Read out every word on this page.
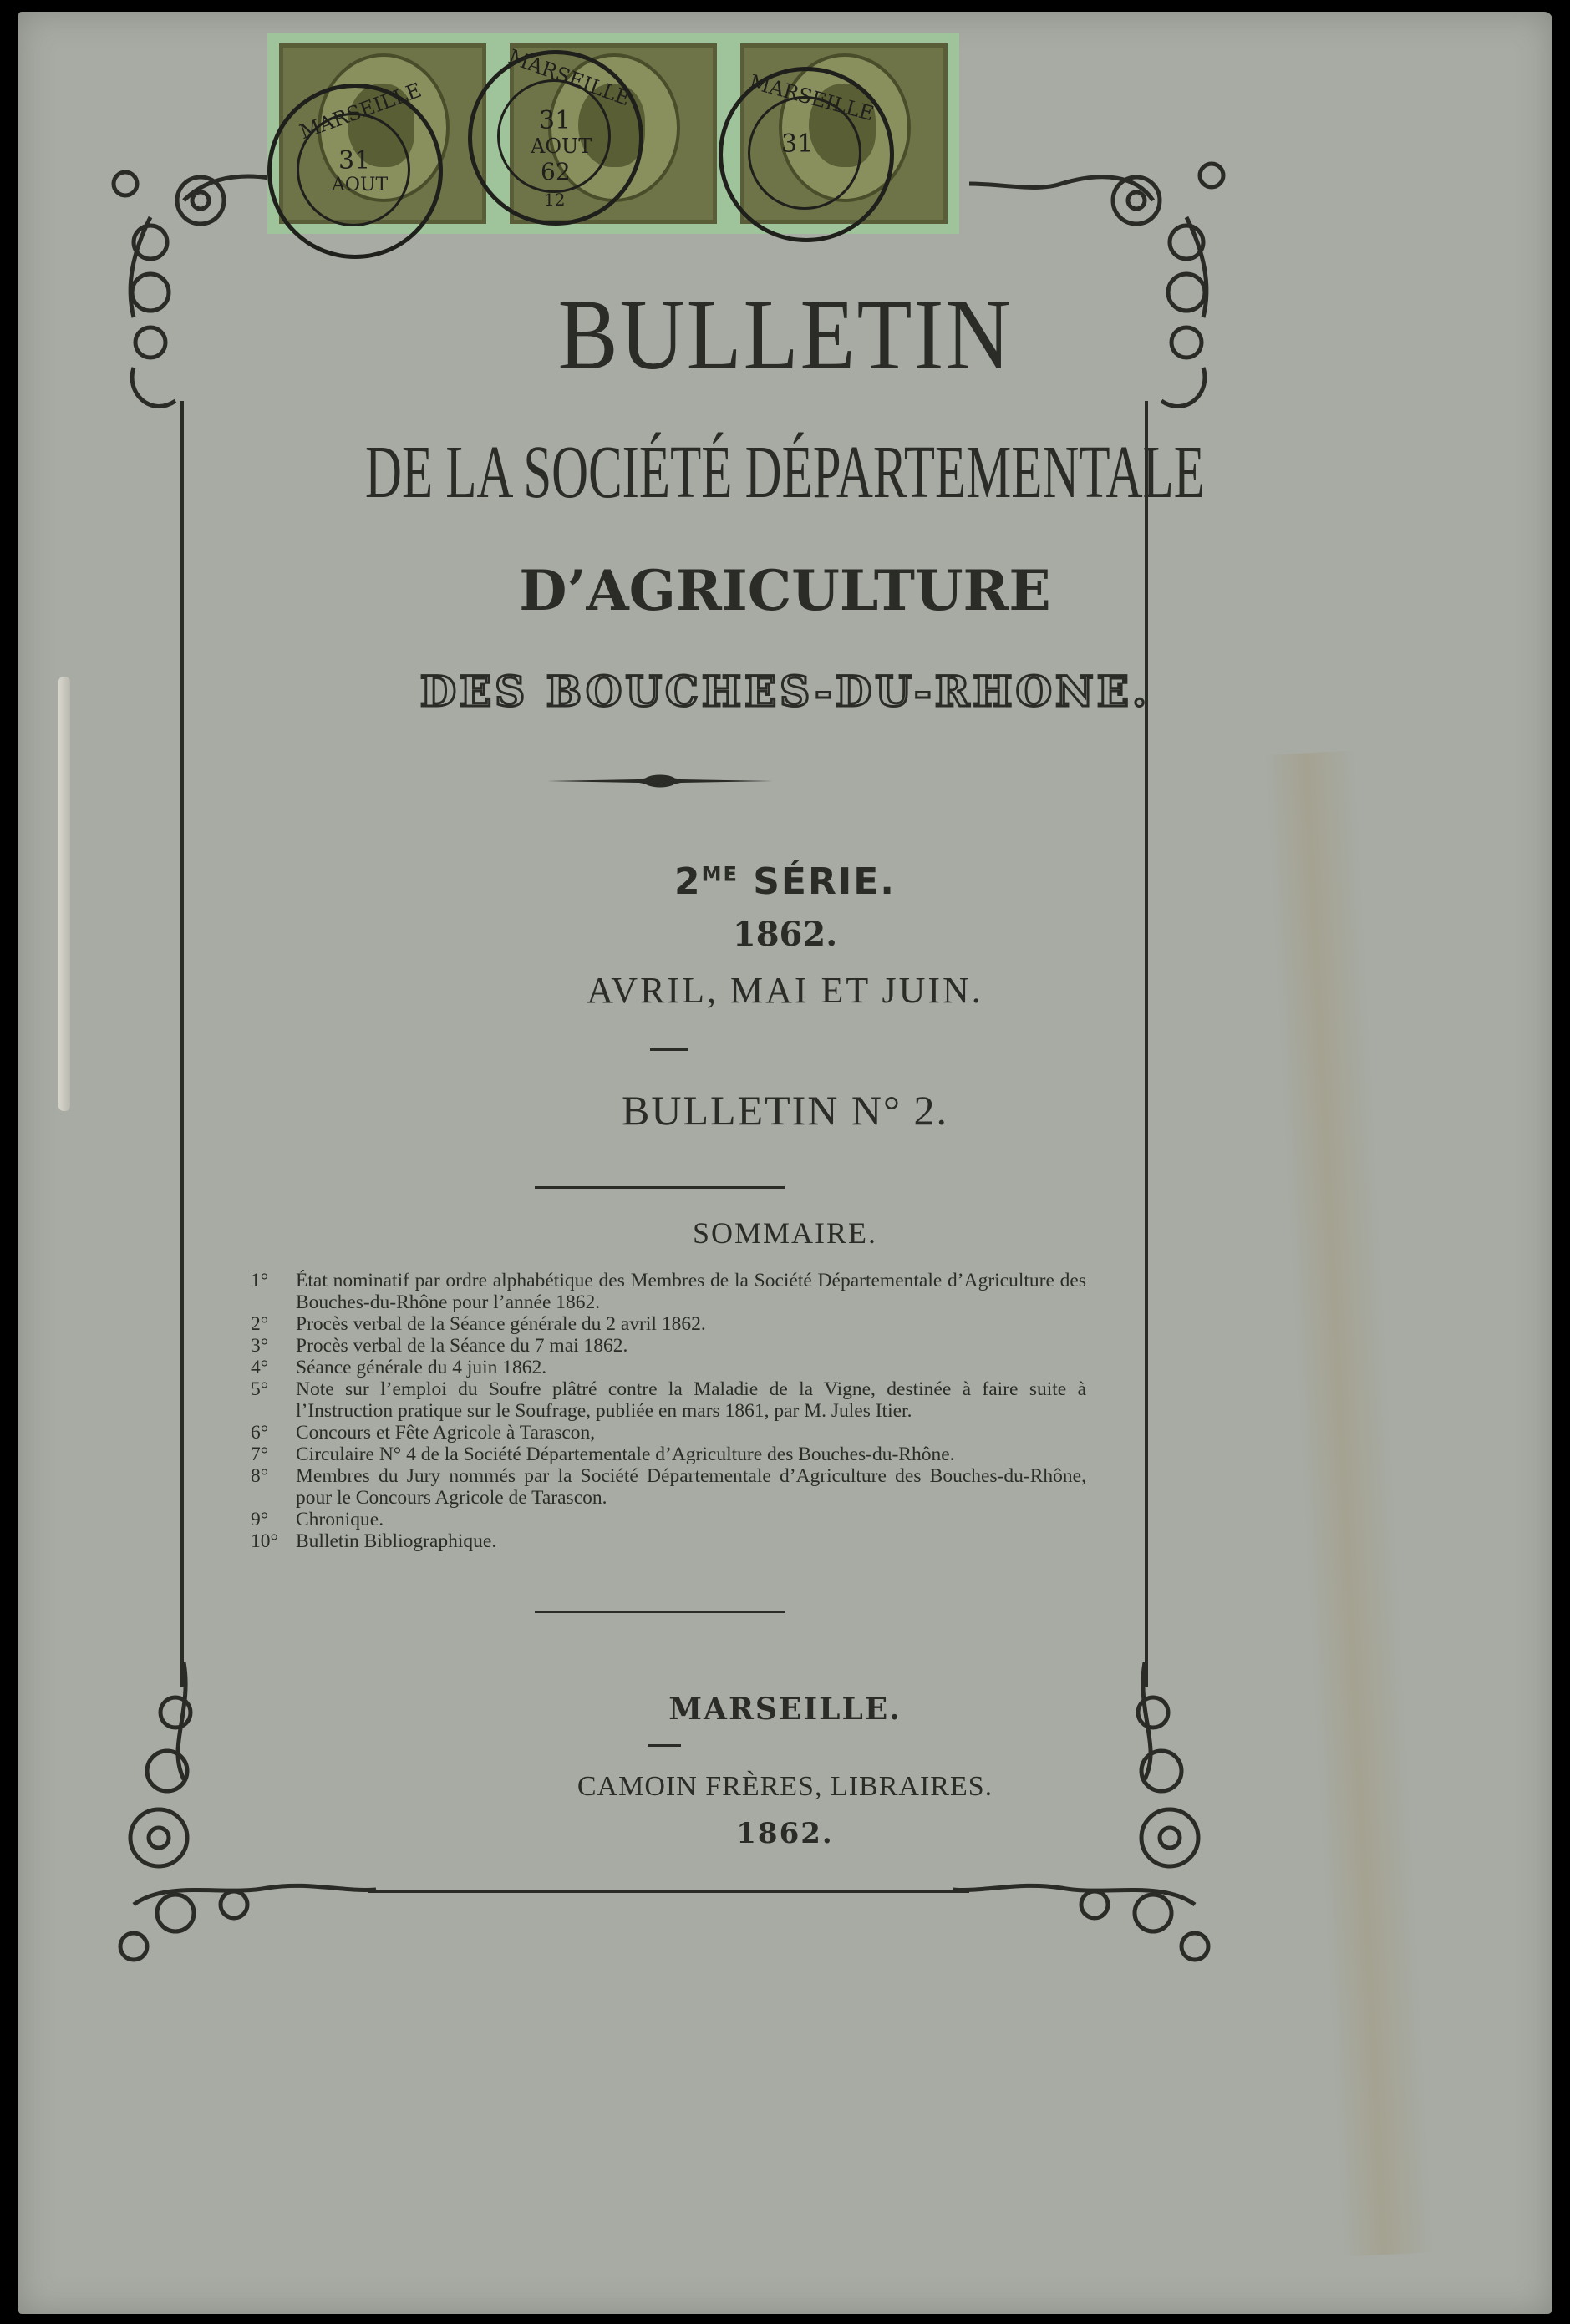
MARSEILLE
31
AOUT
MARSEILLE
31
AOUT
62
12
MARSEILLE
31
BULLETIN
DE LA SOCIÉTÉ DÉPARTEMENTALE
D’AGRICULTURE
DES BOUCHES-DU-RHONE.
$2^{ME}$ SÉRIE.
1862.
AVRIL, MAI ET JUIN.
BULLETIN N° 2.
SOMMAIRE.
1°	État nominatif par ordre alphabétique des Membres de la Société Départementale d’Agriculture des Bouches-du-Rhône pour l’année 1862.
2°	Procès verbal de la Séance générale du 2 avril 1862.
3°	Procès verbal de la Séance du 7 mai 1862.
4°	Séance générale du 4 juin 1862.
5°	Note sur l’emploi du Soufre plâtré contre la Maladie de la Vigne, destinée à faire suite à l’Instruction pratique sur le Soufrage, publiée en mars 1861, par M. Jules Itier.
6°	Concours et Fête Agricole à Tarascon,
7°	Circulaire N° 4 de la Société Départementale d’Agriculture des Bouches-du-Rhône.
8°	Membres du Jury nommés par la Société Départementale d’Agriculture des Bouches-du-Rhône, pour le Concours Agricole de Tarascon.
9°	Chronique.
10° Bulletin Bibliographique.
MARSEILLE.
CAMOIN FRÈRES, LIBRAIRES.
1862.
